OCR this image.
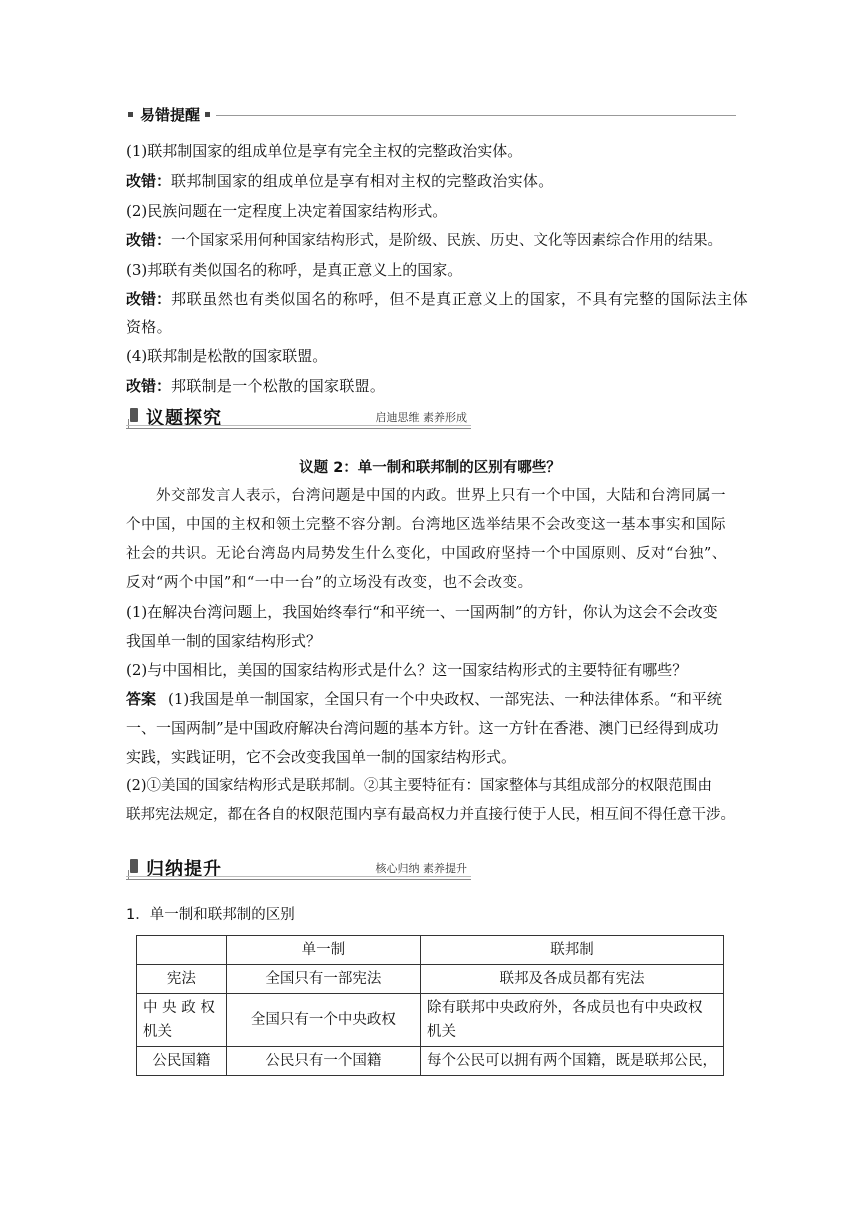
易错提醒
(1)联邦制国家的组成单位是享有完全主权的完整政治实体。
改错：联邦制国家的组成单位是享有相对主权的完整政治实体。
(2)民族问题在一定程度上决定着国家结构形式。
改错：一个国家采用何种国家结构形式，是阶级、民族、历史、文化等因素综合作用的结果。
(3)邦联有类似国名的称呼，是真正意义上的国家。
改错：邦联虽然也有类似国名的称呼，但不是真正意义上的国家，不具有完整的国际法主体
资格。
(4)联邦制是松散的国家联盟。
改错：邦联制是一个松散的国家联盟。
议题探究	启迪思维 素养形成
议题 2：单一制和联邦制的区别有哪些？
外交部发言人表示，台湾问题是中国的内政。世界上只有一个中国，大陆和台湾同属一
个中国，中国的主权和领土完整不容分割。台湾地区选举结果不会改变这一基本事实和国际
社会的共识。无论台湾岛内局势发生什么变化，中国政府坚持一个中国原则、反对“台独”、
反对“两个中国”和“一中一台”的立场没有改变，也不会改变。
(1)在解决台湾问题上，我国始终奉行“和平统一、一国两制”的方针，你认为这会不会改变
我国单一制的国家结构形式？
(2)与中国相比，美国的国家结构形式是什么？这一国家结构形式的主要特征有哪些？
答案 (1)我国是单一制国家，全国只有一个中央政权、一部宪法、一种法律体系。“和平统
一、一国两制”是中国政府解决台湾问题的基本方针。这一方针在香港、澳门已经得到成功
实践，实践证明，它不会改变我国单一制的国家结构形式。
(2)①美国的国家结构形式是联邦制。②其主要特征有：国家整体与其组成部分的权限范围由
联邦宪法规定，都在各自的权限范围内享有最高权力并直接行使于人民，相互间不得任意干涉。
归纳提升	核心归纳 素养提升
1．单一制和联邦制的区别
	单一制	联邦制
宪法	全国只有一部宪法	联邦及各成员都有宪法
中 央 政 权
机关	全国只有一个中央政权	除有联邦中央政府外，各成员也有中央政权
机关
公民国籍	公民只有一个国籍	每个公民可以拥有两个国籍，既是联邦公民，
